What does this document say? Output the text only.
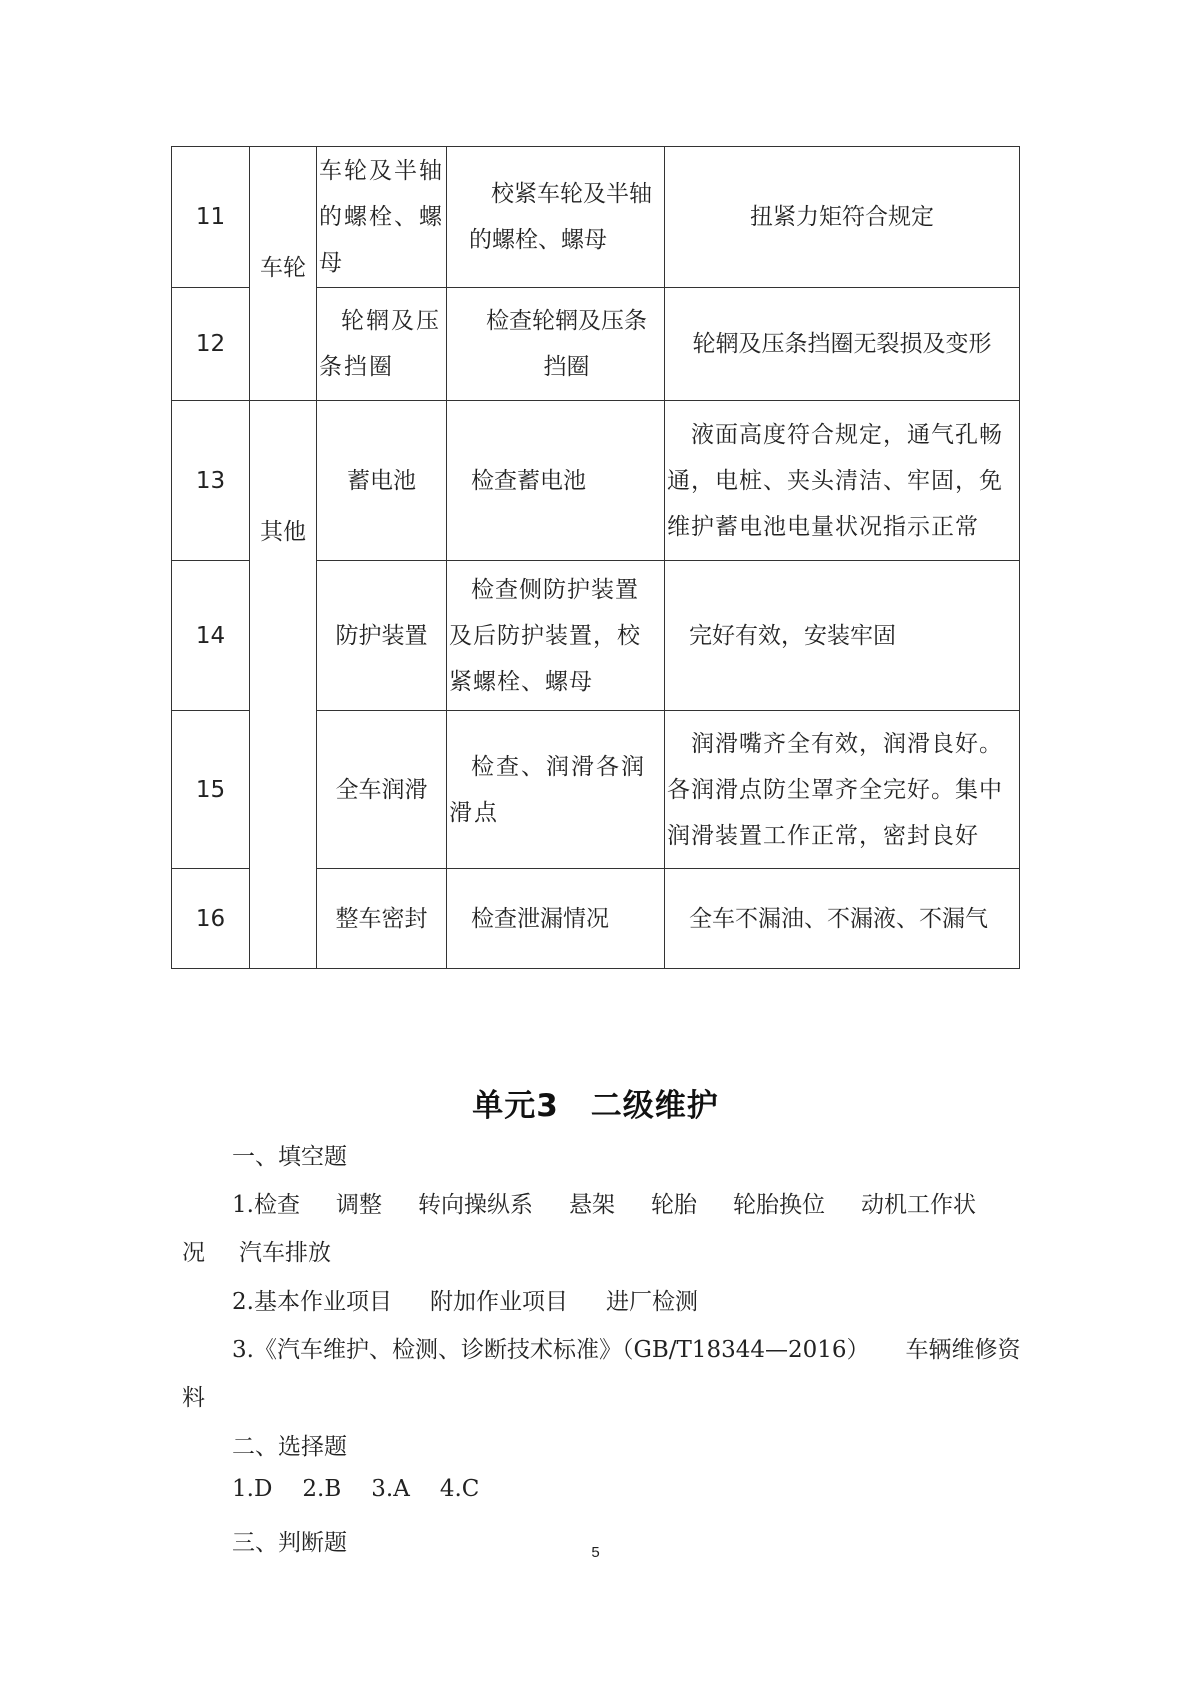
11	车轮	车轮及半轴的螺栓、螺母	校紧车轮及半轴的螺栓、螺母	扭紧力矩符合规定
12		轮辋及压条挡圈	检查轮辋及压条挡圈	轮辋及压条挡圈无裂损及变形
13	其他	蓄电池	检查蓄电池	液面高度符合规定，通气孔畅通，电桩、夹头清洁、牢固，免维护蓄电池电量状况指示正常
14		防护装置	检查侧防护装置及后防护装置，校紧螺栓、螺母	完好有效，安装牢固
15		全车润滑	检查、润滑各润滑点	润滑嘴齐全有效，润滑良好。各润滑点防尘罩齐全完好。集中润滑装置工作正常，密封良好
16		整车密封	检查泄漏情况	全车不漏油、不漏液、不漏气
单元3　二级维护
一、填空题
1.检查 调整 转向操纵系 悬架 轮胎 轮胎换位 动机工作状
况 汽车排放
2.基本作业项目 附加作业项目 进厂检测
3.《汽车维护、检测、诊断技术标准》（GB/T18344—2016） 车辆维修资
料
二、选择题
1.D 2.B 3.A 4.C
三、判断题	5
